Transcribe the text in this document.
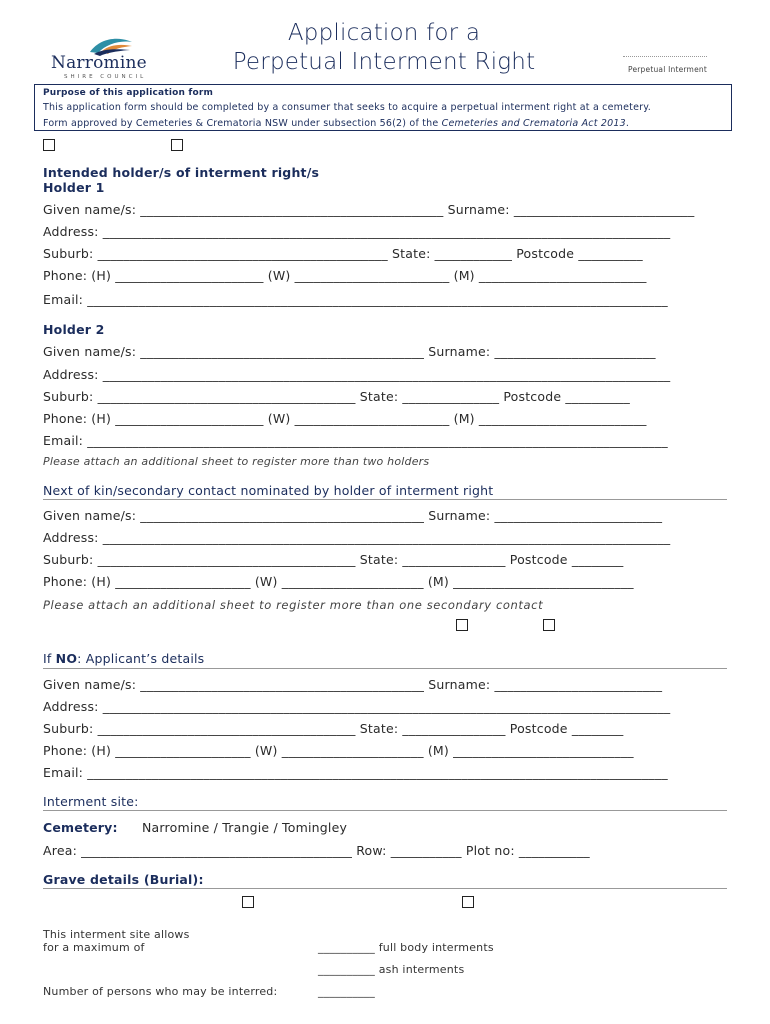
Narromine
SHIRE COUNCIL
Application for a
Perpetual Interment Right	Perpetual Interment
Purpose of this application form
This application form should be completed by a consumer that seeks to acquire a perpetual interment right at a cemetery.
Form approved by Cemeteries & Crematoria NSW under subsection 56(2) of the Cemeteries and Crematoria Act 2013.
Intended holder/s of interment right/s
Holder 1
Given name/s: _______________________________________________ Surname: ____________________________
Address: ________________________________________________________________________________________
Suburb: _____________________________________________ State: ____________ Postcode __________
Phone: (H) _______________________ (W) ________________________ (M) __________________________
Email: __________________________________________________________________________________________
Holder 2
Given name/s: ____________________________________________ Surname: _________________________
Address: ________________________________________________________________________________________
Suburb: ________________________________________ State: _______________ Postcode __________
Phone: (H) _______________________ (W) ________________________ (M) __________________________
Email: __________________________________________________________________________________________
Please attach an additional sheet to register more than two holders
Next of kin/secondary contact nominated by holder of interment right
Given name/s: ____________________________________________ Surname: __________________________
Address: ________________________________________________________________________________________
Suburb: ________________________________________ State: ________________ Postcode ________
Phone: (H) _____________________ (W) ______________________ (M) ____________________________
Please attach an additional sheet to register more than one secondary contact
If NO: Applicant’s details
Given name/s: ____________________________________________ Surname: __________________________
Address: ________________________________________________________________________________________
Suburb: ________________________________________ State: ________________ Postcode ________
Phone: (H) _____________________ (W) ______________________ (M) ____________________________
Email: __________________________________________________________________________________________
Interment site:
Cemetery: Narromine / Trangie / Tomingley
Area: __________________________________________ Row: ___________ Plot no: ___________
Grave details (Burial):
This interment site allows
for a maximum of	__________ full body interments
__________ ash interments
Number of persons who may be interred:	__________
